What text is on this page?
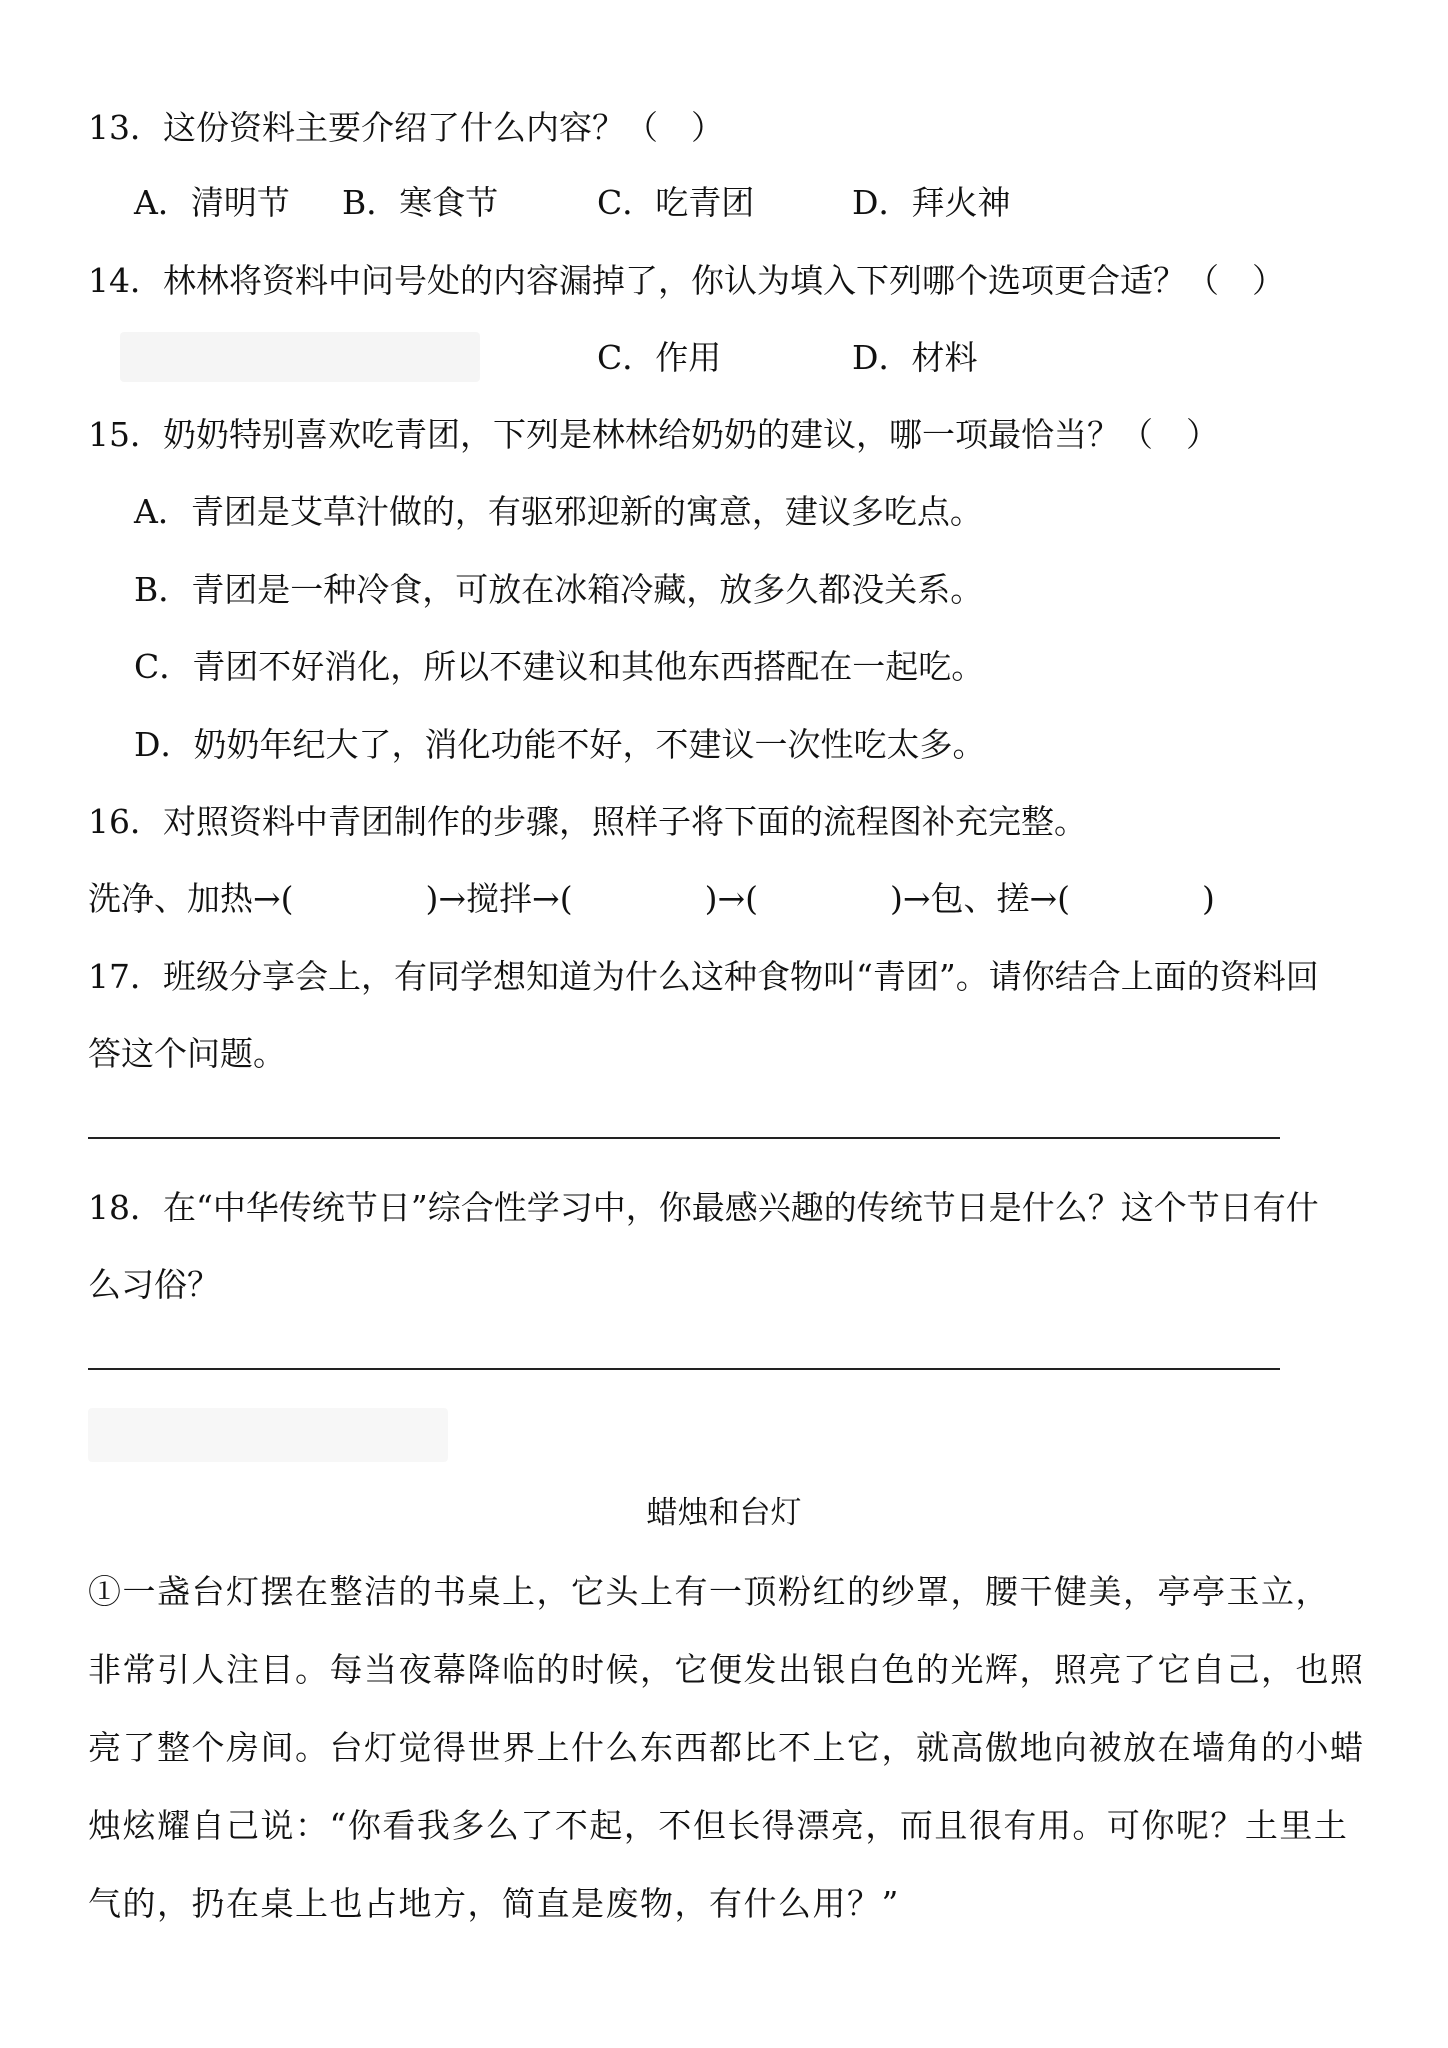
13．这份资料主要介绍了什么内容？（　）
A．清明节 B．寒食节	C．吃青团	D．拜火神
14．林林将资料中问号处的内容漏掉了，你认为填入下列哪个选项更合适？（　）
C．作用	D．材料
15．奶奶特别喜欢吃青团，下列是林林给奶奶的建议，哪一项最恰当？（　）
A．青团是艾草汁做的，有驱邪迎新的寓意，建议多吃点。
B．青团是一种冷食，可放在冰箱冷藏，放多久都没关系。
C．青团不好消化，所以不建议和其他东西搭配在一起吃。
D．奶奶年纪大了，消化功能不好，不建议一次性吃太多。
16．对照资料中青团制作的步骤，照样子将下面的流程图补充完整。
洗净、加热→(　　　　)→搅拌→(　　　　)→(　　　　)→包、搓→(　　　　)
17．班级分享会上，有同学想知道为什么这种食物叫“青团”。请你结合上面的资料回
答这个问题。
18．在“中华传统节日”综合性学习中，你最感兴趣的传统节日是什么？这个节日有什
么习俗？
蜡烛和台灯
①一盏台灯摆在整洁的书桌上，它头上有一顶粉红的纱罩，腰干健美，亭亭玉立，
非常引人注目。每当夜幕降临的时候，它便发出银白色的光辉，照亮了它自己，也照
亮了整个房间。台灯觉得世界上什么东西都比不上它，就高傲地向被放在墙角的小蜡
烛炫耀自己说：“你看我多么了不起，不但长得漂亮，而且很有用。可你呢？土里土
气的，扔在桌上也占地方，简直是废物，有什么用？”
